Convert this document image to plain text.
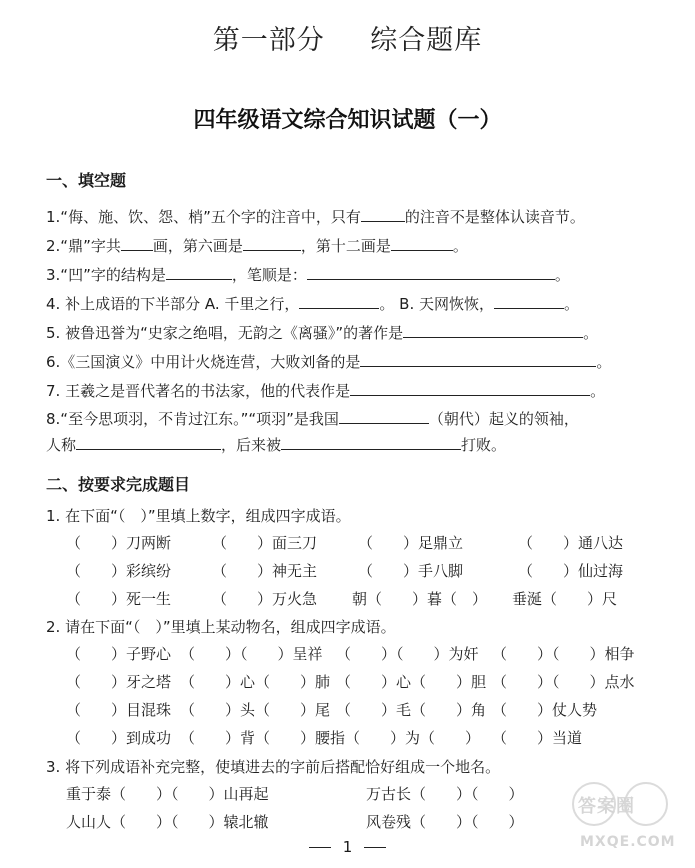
第一部分 综合题库
四年级语文综合知识试题（一）
一、填空题
1.“侮、施、饮、怨、梢”五个字的注音中，只有	的注音不是整体认读音节。
2.“鼎”字共 画，第六画是	，第十二画是	。
3.“凹”字的结构是	，笔顺是：	。
4. 补上成语的下半部分 A. 千里之行，	。 B. 天网恢恢，	。
5. 被鲁迅誉为“史家之绝唱，无韵之《离骚》”的著作是	。
6.《三国演义》中用计火烧连营，大败刘备的是	。
7. 王羲之是晋代著名的书法家，他的代表作是	。
8.“至今思项羽，不肯过江东。”“项羽”是我国	（朝代）起义的领袖，
人称	，后来被	打败。
二、按要求完成题目
1. 在下面“（　）”里填上数字，组成四字成语。
（　　）刀两断	（　　）面三刀	（　　）足鼎立	（　　）通八达
（　　）彩缤纷	（　　）神无主	（　　）手八脚	（　　）仙过海
（　　）死一生	（　　）万火急 朝（　　）暮（　） 垂涎（　　）尺
2. 请在下面“（　）”里填上某动物名，组成四字成语。
（　　）子野心 （　　）（　　）呈祥 （　　）（　　）为奸 （　　）（　　）相争
（　　）牙之塔 （　　）心（　　）肺 （　　）心（　　）胆 （　　）（　　）点水
（　　）目混珠 （　　）头（　　）尾 （　　）毛（　　）角 （　　）仗人势
（　　）到成功 （　　）背（　　）腰 指（　　）为（　　） （　　）当道
3. 将下列成语补充完整，使填进去的字前后搭配恰好组成一个地名。
重于泰（　　）（　　）山再起	万古长（　　）（　　）
人山人（　　）（　　）辕北辙	风卷残（　　）（　　）
1
答案圈
MXQE.COM
